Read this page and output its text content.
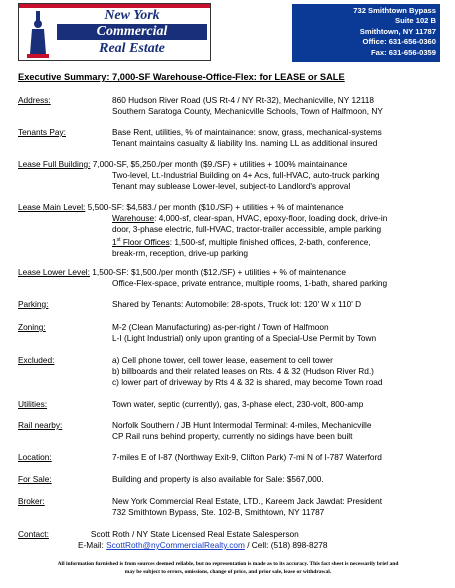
New York
Commercial
Real Estate
732 Smithtown Bypass
Suite 102 B
Smithtown, NY 11787
Office: 631-656-0360
Fax: 631-656-0359
Executive Summary: 7,000-SF Warehouse-Office-Flex: for LEASE or SALE
Address:	860 Hudson River Road (US Rt-4 / NY Rt-32), Mechanicville, NY 12118
Southern Saratoga County, Mechanicville Schools, Town of Halfmoon, NY
Tenants Pay:	Base Rent, utilities, % of maintainance: snow, grass, mechanical-systems
Tenant maintains casualty & liability Ins. naming LL as additional insured
Lease Full Building: 7,000-SF, $5,250./per month ($9./SF) + utilities + 100% maintainance
Two-level, Lt.-Industrial Building on 4+ Acs, full-HVAC, auto-truck parking
Tenant may sublease Lower-level, subject-to Landlord's approval
Lease Main Level: 5,500-SF: $4,583./ per month ($10./SF) + utilities + % of maintenance
Warehouse: 4,000-sf, clear-span, HVAC, epoxy-floor, loading dock, drive-in
door, 3-phase electric, full-HVAC, tractor-trailer accessible, ample parking
1st Floor Offices: 1,500-sf, multiple finished offices, 2-bath, conference,
break-rm, reception, drive-up parking
Lease Lower Level: 1,500-SF: $1,500./per month ($12./SF) + utilities + % of maintenance
Office-Flex-space, private entrance, multiple rooms, 1-bath, shared parking
Parking:	Shared by Tenants: Automobile: 28-spots, Truck lot: 120' W x 110' D
Zoning:	M-2 (Clean Manufacturing) as-per-right / Town of Halfmoon
L-I (Light Industrial) only upon granting of a Special-Use Permit by Town
Excluded:	a) Cell phone tower, cell tower lease, easement to cell tower
b) billboards and their related leases on Rts. 4 & 32 (Hudson River Rd.)
c) lower part of driveway by Rts 4 & 32 is shared, may become Town road
Utilities:	Town water, septic (currently), gas, 3-phase elect, 230-volt, 800-amp
Rail nearby:	Norfolk Southern / JB Hunt Intermodal Terminal: 4-miles, Mechanicville
CP Rail runs behind property, currently no sidings have been built
Location:	7-miles E of I-87 (Northway Exit-9, Clifton Park) 7-mi N of I-787 Waterford
For Sale:	Building and property is also available for Sale: $567,000.
Broker:	New York Commercial Real Estate, LTD., Kareem Jack Jawdat: President
732 Smithtown Bypass, Ste. 102-B, Smithtown, NY 11787
Contact:	Scott Roth / NY State Licensed Real Estate Salesperson
E-Mail: ScottRoth@nyCommercialRealty.com / Cell: (518) 898-8278
All information furnished is from sources deemed reliable, but no representation is made as to its accuracy. This fact sheet is necessarily brief and
may be subject to errors, omissions, change of price, and prior sale, lease or withdrawal.
